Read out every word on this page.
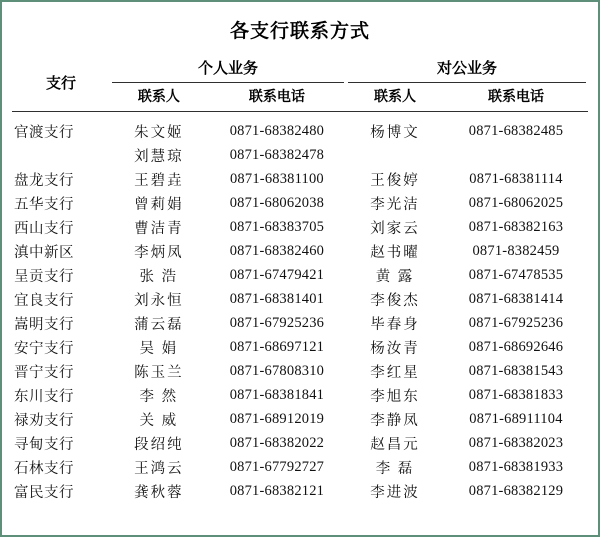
各支行联系方式
支行	个人业务		对公业务	

	联系人	联系电话	联系人	联系电话

官渡支行	朱文姬	0871-68382480	杨博文	0871-68382485
	刘慧琼	0871-68382478		
盘龙支行	王碧垚	0871-68381100	王俊婷	0871-68381114
五华支行	曾莉娟	0871-68062038	李光洁	0871-68062025
西山支行	曹洁青	0871-68383705	刘家云	0871-68382163
滇中新区	李炳凤	0871-68382460	赵书曜	0871-8382459
呈贡支行	张 浩	0871-67479421	黄 露	0871-67478535
宜良支行	刘永恒	0871-68381401	李俊杰	0871-68381414
嵩明支行	蒲云磊	0871-67925236	毕春身	0871-67925236
安宁支行	吴 娟	0871-68697121	杨汝青	0871-68692646
晋宁支行	陈玉兰	0871-67808310	李红星	0871-68381543
东川支行	李 然	0871-68381841	李旭东	0871-68381833
禄劝支行	关 威	0871-68912019	李静凤	0871-68911104
寻甸支行	段绍纯	0871-68382022	赵昌元	0871-68382023
石林支行	王鸿云	0871-67792727	李 磊	0871-68381933
富民支行	龚秋蓉	0871-68382121	李进波	0871-68382129
